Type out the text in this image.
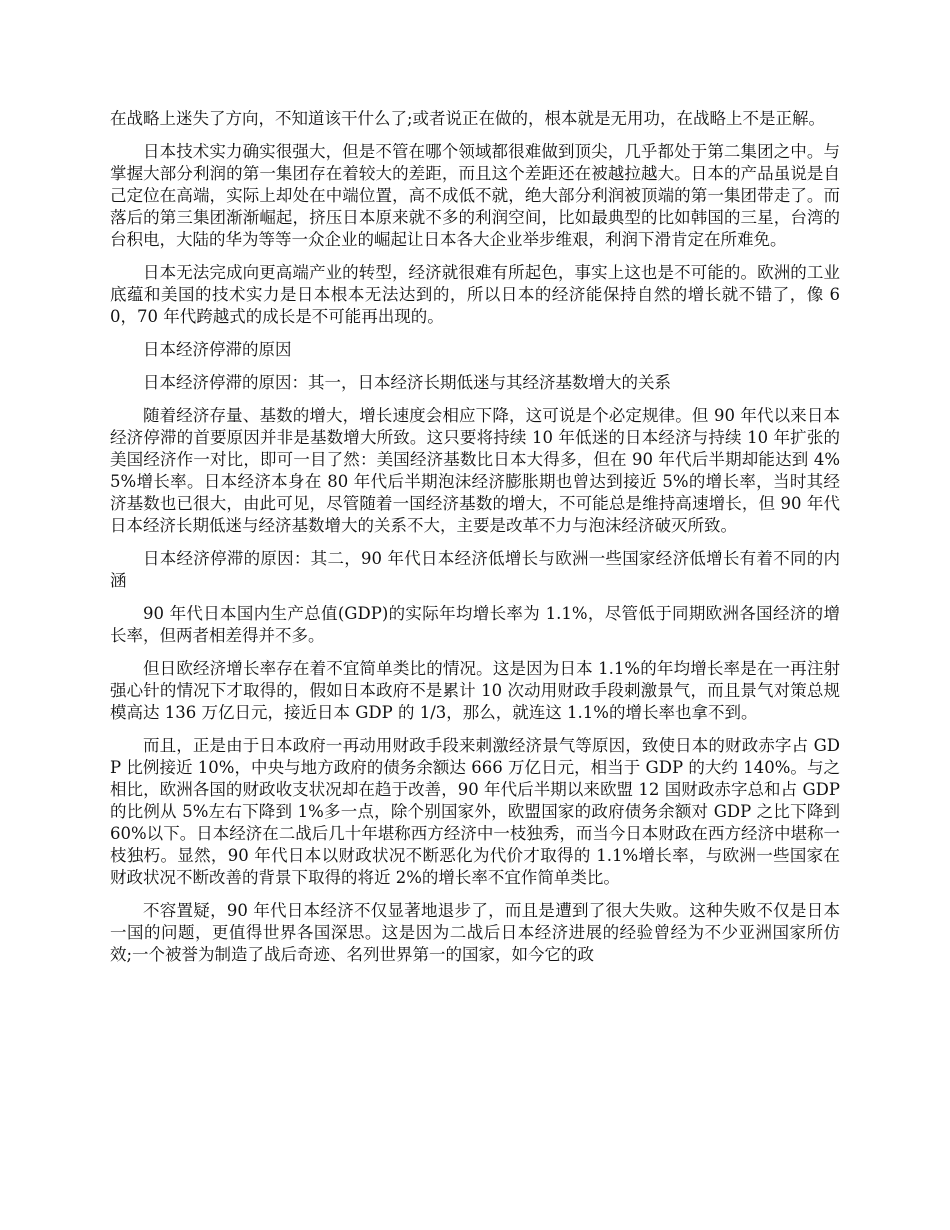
在战略上迷失了方向，不知道该干什么了;或者说正在做的，根本就是无用功，在战略上不是正解。

日本技术实力确实很强大，但是不管在哪个领域都很难做到顶尖，几乎都处于第二集团之中。与掌握大部分利润的第一集团存在着较大的差距，而且这个差距还在被越拉越大。日本的产品虽说是自己定位在高端，实际上却处在中端位置，高不成低不就，绝大部分利润被顶端的第一集团带走了。而落后的第三集团渐渐崛起，挤压日本原来就不多的利润空间，比如最典型的比如韩国的三星，台湾的台积电，大陆的华为等等一众企业的崛起让日本各大企业举步维艰，利润下滑肯定在所难免。

日本无法完成向更高端产业的转型，经济就很难有所起色，事实上这也是不可能的。欧洲的工业底蕴和美国的技术实力是日本根本无法达到的，所以日本的经济能保持自然的增长就不错了，像 60，70 年代跨越式的成长是不可能再出现的。

日本经济停滞的原因

日本经济停滞的原因：其一，日本经济长期低迷与其经济基数增大的关系

随着经济存量、基数的增大，增长速度会相应下降，这可说是个必定规律。但 90 年代以来日本经济停滞的首要原因并非是基数增大所致。这只要将持续 10 年低迷的日本经济与持续 10 年扩张的美国经济作一对比，即可一目了然：美国经济基数比日本大得多，但在 90 年代后半期却能达到 4%5%增长率。日本经济本身在 80 年代后半期泡沫经济膨胀期也曾达到接近 5%的增长率，当时其经济基数也已很大，由此可见，尽管随着一国经济基数的增大，不可能总是维持高速增长，但 90 年代日本经济长期低迷与经济基数增大的关系不大，主要是改革不力与泡沫经济破灭所致。

日本经济停滞的原因：其二，90 年代日本经济低增长与欧洲一些国家经济低增长有着不同的内涵

90 年代日本国内生产总值(GDP)的实际年均增长率为 1.1%，尽管低于同期欧洲各国经济的增长率，但两者相差得并不多。

但日欧经济增长率存在着不宜简单类比的情况。这是因为日本 1.1%的年均增长率是在一再注射强心针的情况下才取得的，假如日本政府不是累计 10 次动用财政手段刺激景气，而且景气对策总规模高达 136 万亿日元，接近日本 GDP 的 1/3，那么，就连这 1.1%的增长率也拿不到。

而且，正是由于日本政府一再动用财政手段来刺激经济景气等原因，致使日本的财政赤字占 GDP 比例接近 10%，中央与地方政府的债务余额达 666 万亿日元，相当于 GDP 的大约 140%。与之相比，欧洲各国的财政收支状况却在趋于改善，90 年代后半期以来欧盟 12 国财政赤字总和占 GDP 的比例从 5%左右下降到 1%多一点，除个别国家外，欧盟国家的政府债务余额对 GDP 之比下降到 60%以下。日本经济在二战后几十年堪称西方经济中一枝独秀，而当今日本财政在西方经济中堪称一枝独朽。显然，90 年代日本以财政状况不断恶化为代价才取得的 1.1%增长率，与欧洲一些国家在财政状况不断改善的背景下取得的将近 2%的增长率不宜作简单类比。

不容置疑，90 年代日本经济不仅显著地退步了，而且是遭到了很大失败。这种失败不仅是日本一国的问题，更值得世界各国深思。这是因为二战后日本经济进展的经验曾经为不少亚洲国家所仿效;一个被誉为制造了战后奇迹、名列世界第一的国家，如今它的政
